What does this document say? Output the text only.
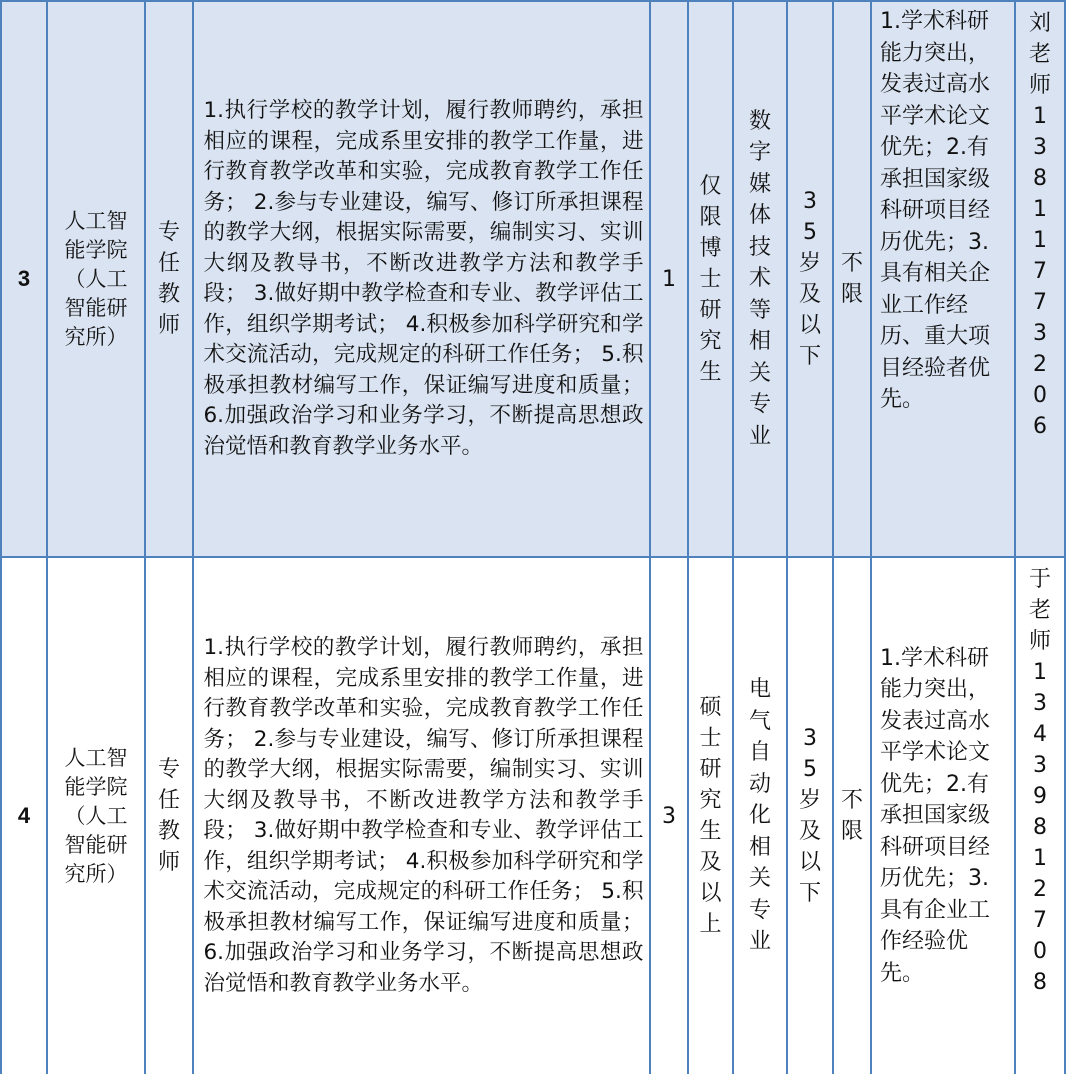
3
人工智能学院（人工智能研究所）
专任教师
1.执行学校的教学计划，履行教师聘约，承担相应的课程，完成系里安排的教学工作量，进行教育教学改革和实验，完成教育教学工作任务； 2.参与专业建设，编写、修订所承担课程的教学大纲，根据实际需要，编制实习、实训大纲及教导书，不断改进教学方法和教学手段； 3.做好期中教学检查和专业、教学评估工作，组织学期考试； 4.积极参加科学研究和学术交流活动，完成规定的科研工作任务； 5.积极承担教材编写工作，保证编写进度和质量； 6.加强政治学习和业务学习，不断提高思想政治觉悟和教育教学业务水平。
1
仅限博士研究生
数字媒体技术等相关专业
35岁及以下
不限
1.学术科研能力突出，发表过高水平学术论文优先；2.有承担国家级科研项目经历优先；3.具有相关企业工作经历、重大项目经验者优先。
刘老师13811773206
4
人工智能学院（人工智能研究所）
专任教师
1.执行学校的教学计划，履行教师聘约，承担相应的课程，完成系里安排的教学工作量，进行教育教学改革和实验，完成教育教学工作任务； 2.参与专业建设，编写、修订所承担课程的教学大纲，根据实际需要，编制实习、实训大纲及教导书，不断改进教学方法和教学手段； 3.做好期中教学检查和专业、教学评估工作，组织学期考试； 4.积极参加科学研究和学术交流活动，完成规定的科研工作任务； 5.积极承担教材编写工作，保证编写进度和质量； 6.加强政治学习和业务学习，不断提高思想政治觉悟和教育教学业务水平。
3
硕士研究生及以上
电气自动化相关专业
35岁及以下
不限
1.学术科研能力突出，发表过高水平学术论文优先；2.有承担国家级科研项目经历优先；3.具有企业工作经验优先。
于老师13439812708
